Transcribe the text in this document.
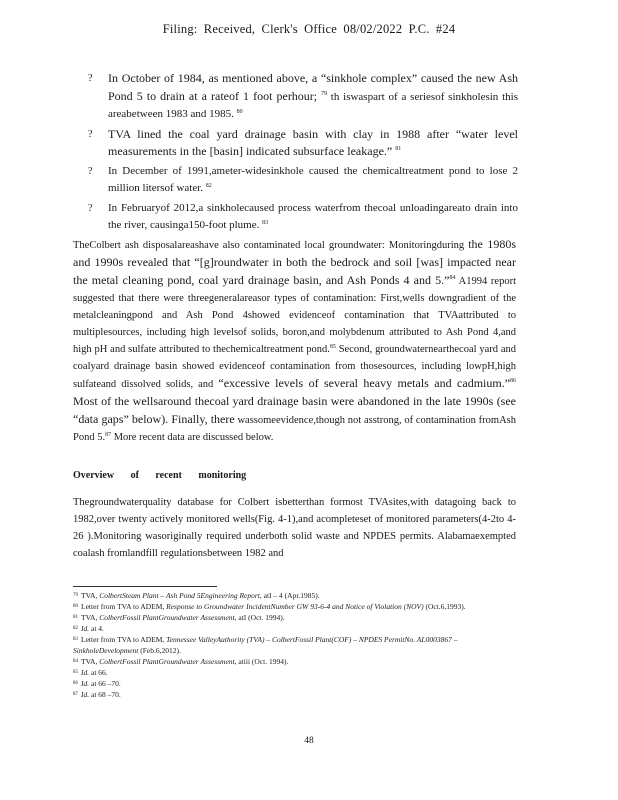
Filing: Received, Clerk's Office 08/02/2022 P.C. #24
? In October of 1984, as mentioned above, a “sinkhole complex” caused the new Ash Pond 5 to drain at a rateof 1 foot perhour; $^{79}$ th iswaspart of a seriesof sinkholesin this areabetween 1983 and 1985. $^{80}$
? TVA lined the coal yard drainage basin with clay in 1988 after “water level measurements in the [basin] indicated subsurface leakage.” $^{81}$
? In December of 1991,ameter-widesinkhole caused the chemicaltreatment pond to lose 2 million litersof water. $^{82}$
? In Februaryof 2012,a sinkholecaused process waterfrom thecoal unloadingareato drain into the river, causinga150-foot plume. $^{83}$

TheColbert ash disposalareashave also contaminated local groundwater: Monitoringduring the 1980s and 1990s revealed that “[g]roundwater in both the bedrock and soil [was] impacted near the metal cleaning pond, coal yard drainage basin, and Ash Ponds 4 and 5.”$^{84}$ A1994 report suggested that there were threegeneralareasor types of contamination: First,wells downgradient of the metalcleaningpond and Ash Pond 4showed evidenceof contamination that TVAattributed to multiplesources, including high levelsof solids, boron,and molybdenum attributed to Ash Pond 4,and high pH and sulfate attributed to thechemicaltreatment pond.$^{85}$ Second, groundwaternearthecoal yard and coalyard drainage basin showed evidenceof contamination from thosesources, including lowpH,high sulfateand dissolved solids, and “excessive levels of several heavy metals and cadmium.”$^{86}$ Most of the wellsaround thecoal yard drainage basin were abandoned in the late 1990s (see “data gaps” below). Finally, there wassomeevidence,though not asstrong, of contamination fromAsh Pond 5.87 More recent data are discussed below.

Overview of recent monitoring

Thegroundwaterquality database for Colbert isbetterthan formost TVAsites,with datagoing back to 1982,over twenty actively monitored wells(Fig. 4-1),and acompleteset of monitored parameters(4-2to 4- 26 ).Monitoring wasoriginally required underboth solid waste and NPDES permits. Alabamaexempted coalash fromlandfill regulationsbetween 1982 and

$^{79}$ TVA, ColbertSteam Plant – Ash Pond 5Engineering Report, atI – 4 (Apr.1985).
$^{80}$ Letter from TVA to ADEM, Response to Groundwater IncidentNumber GW 93-6-4 and Notice of Violation (NOV) (Oct.6,1993).
$^{81}$ TVA, ColbertFossil PlantGroundwater Assessment, atI (Oct. 1994).
$^{82}$ Id. at 4.
$^{83}$ Letter from TVA to ADEM, Tennessee ValleyAuthority (TVA) – ColbertFossil Plant(COF) – NPDES PermitNo. AL0003867 – SinkholeDevelopment (Feb.6,2012).
$^{84}$ TVA, ColbertFossil PlantGroundwater Assessment, atiii (Oct. 1994).
$^{85}$ Id. at 66.
$^{86}$ Id. at 66 –70.
$^{87}$ Id. at 68 –70.
48
